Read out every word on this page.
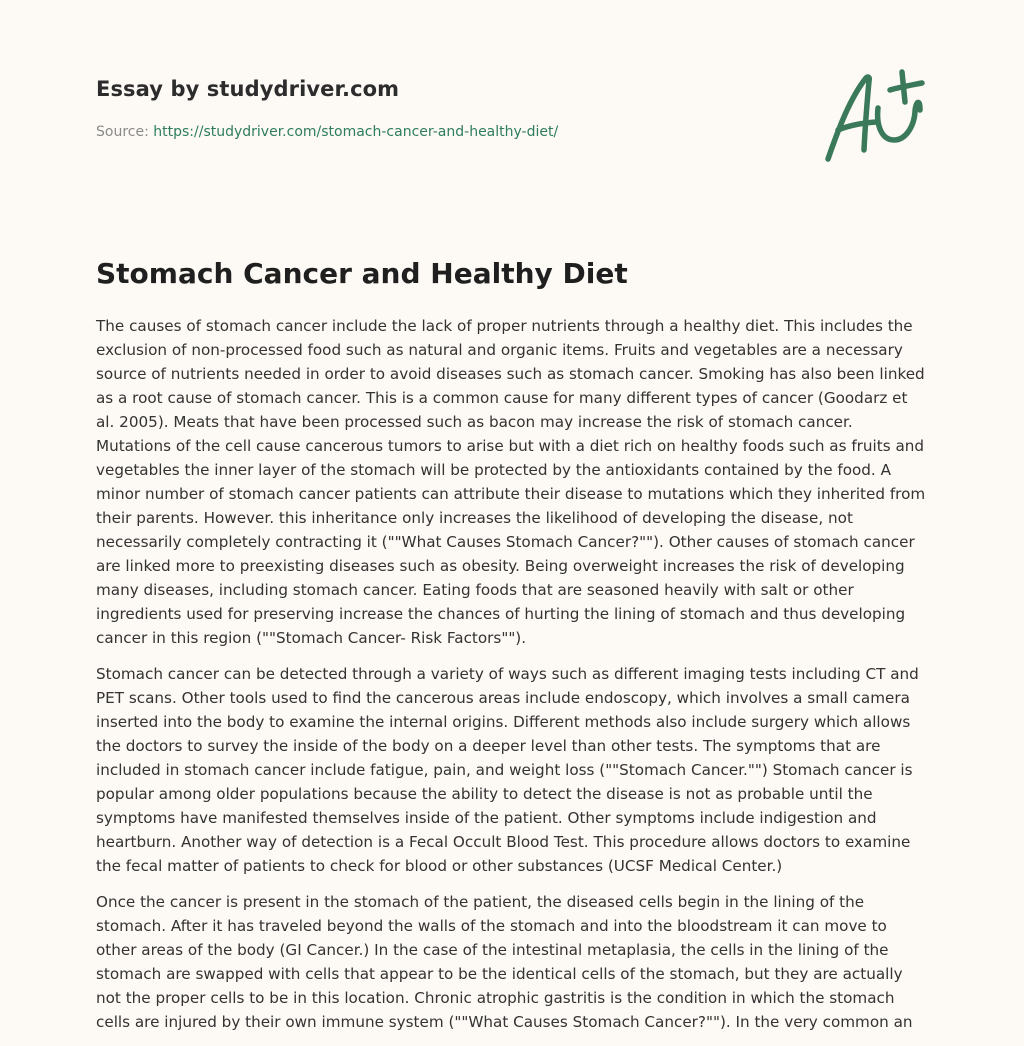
Essay by studydriver.com
Source: https://studydriver.com/stomach-cancer-and-healthy-diet/
Stomach Cancer and Healthy Diet

The causes of stomach cancer include the lack of proper nutrients through a healthy diet. This includes the exclusion of non-processed food such as natural and organic items. Fruits and vegetables are a necessary source of nutrients needed in order to avoid diseases such as stomach cancer. Smoking has also been linked as a root cause of stomach cancer. This is a common cause for many different types of cancer (Goodarz et al. 2005). Meats that have been processed such as bacon may increase the risk of stomach cancer. Mutations of the cell cause cancerous tumors to arise but with a diet rich on healthy foods such as fruits and vegetables the inner layer of the stomach will be protected by the antioxidants contained by the food. A minor number of stomach cancer patients can attribute their disease to mutations which they inherited from their parents. However. this inheritance only increases the likelihood of developing the disease, not necessarily completely contracting it (""What Causes Stomach Cancer?""). Other causes of stomach cancer are linked more to preexisting diseases such as obesity. Being overweight increases the risk of developing many diseases, including stomach cancer. Eating foods that are seasoned heavily with salt or other ingredients used for preserving increase the chances of hurting the lining of stomach and thus developing cancer in this region (""Stomach Cancer- Risk Factors"").

Stomach cancer can be detected through a variety of ways such as different imaging tests including CT and PET scans. Other tools used to find the cancerous areas include endoscopy, which involves a small camera inserted into the body to examine the internal origins. Different methods also include surgery which allows the doctors to survey the inside of the body on a deeper level than other tests. The symptoms that are included in stomach cancer include fatigue, pain, and weight loss (""Stomach Cancer."") Stomach cancer is popular among older populations because the ability to detect the disease is not as probable until the symptoms have manifested themselves inside of the patient. Other symptoms include indigestion and heartburn. Another way of detection is a Fecal Occult Blood Test. This procedure allows doctors to examine the fecal matter of patients to check for blood or other substances (UCSF Medical Center.)

Once the cancer is present in the stomach of the patient, the diseased cells begin in the lining of the stomach. After it has traveled beyond the walls of the stomach and into the bloodstream it can move to other areas of the body (GI Cancer.) In the case of the intestinal metaplasia, the cells in the lining of the stomach are swapped with cells that appear to be the identical cells of the stomach, but they are actually not the proper cells to be in this location. Chronic atrophic gastritis is the condition in which the stomach cells are injured by their own immune system (""What Causes Stomach Cancer?""). In the very common an
